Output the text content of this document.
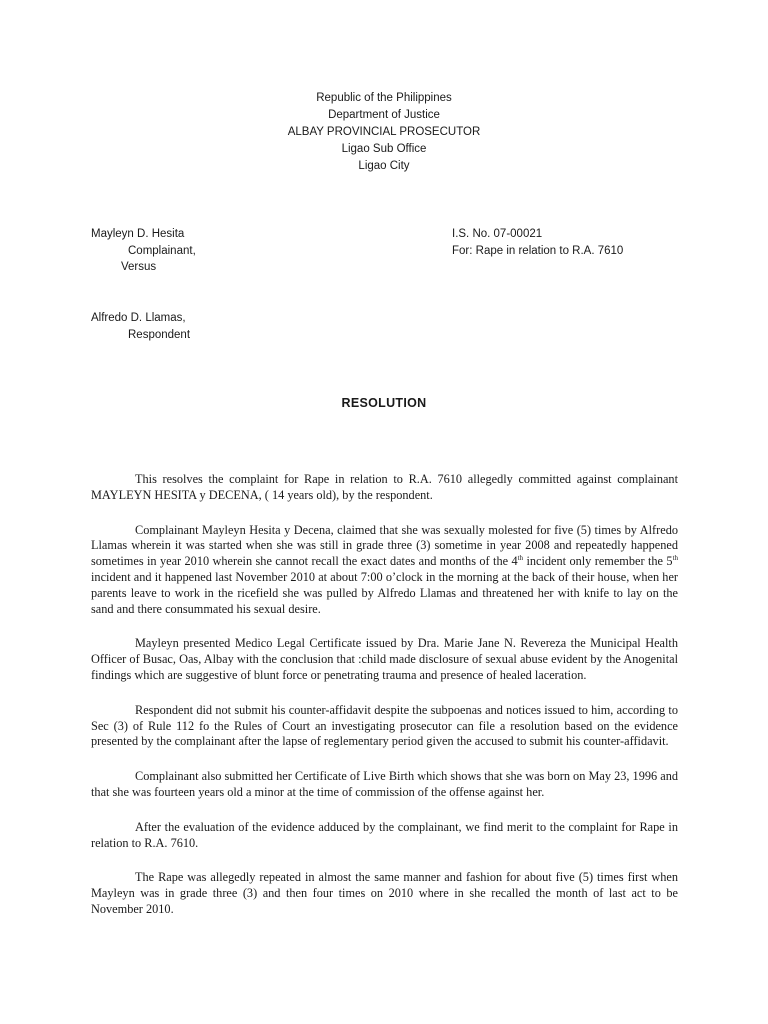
Republic of the Philippines
Department of Justice
ALBAY PROVINCIAL PROSECUTOR
Ligao Sub Office
Ligao City
Mayleyn D. Hesita
Complainant,
Versus
Alfredo D. Llamas,
Respondent
I.S. No. 07-00021
For: Rape in relation to R.A. 7610
RESOLUTION

This resolves the complaint for Rape in relation to R.A. 7610 allegedly committed against complainant MAYLEYN HESITA y DECENA, ( 14 years old), by the respondent.

Complainant Mayleyn Hesita y Decena, claimed that she was sexually molested for five (5) times by Alfredo Llamas wherein it was started when she was still in grade three (3) sometime in year 2008 and repeatedly happened sometimes in year 2010 wherein she cannot recall the exact dates and months of the 4th incident only remember the 5th incident and it happened last November 2010 at about 7:00 o’clock in the morning at the back of their house, when her parents leave to work in the ricefield she was pulled by Alfredo Llamas and threatened her with knife to lay on the sand and there consummated his sexual desire.

Mayleyn presented Medico Legal Certificate issued by Dra. Marie Jane N. Revereza the Municipal Health Officer of Busac, Oas, Albay with the conclusion that :child made disclosure of sexual abuse evident by the Anogenital findings which are suggestive of blunt force or penetrating trauma and presence of healed laceration.

Respondent did not submit his counter-affidavit despite the subpoenas and notices issued to him, according to Sec (3) of Rule 112 fo the Rules of Court an investigating prosecutor can file a resolution based on the evidence presented by the complainant after the lapse of reglementary period given the accused to submit his counter-affidavit.

Complainant also submitted her Certificate of Live Birth which shows that she was born on May 23, 1996 and that she was fourteen years old a minor at the time of commission of the offense against her.

After the evaluation of the evidence adduced by the complainant, we find merit to the complaint for Rape in relation to R.A. 7610.

The Rape was allegedly repeated in almost the same manner and fashion for about five (5) times first when Mayleyn was in grade three (3) and then four times on 2010 where in she recalled the month of last act to be November 2010.
